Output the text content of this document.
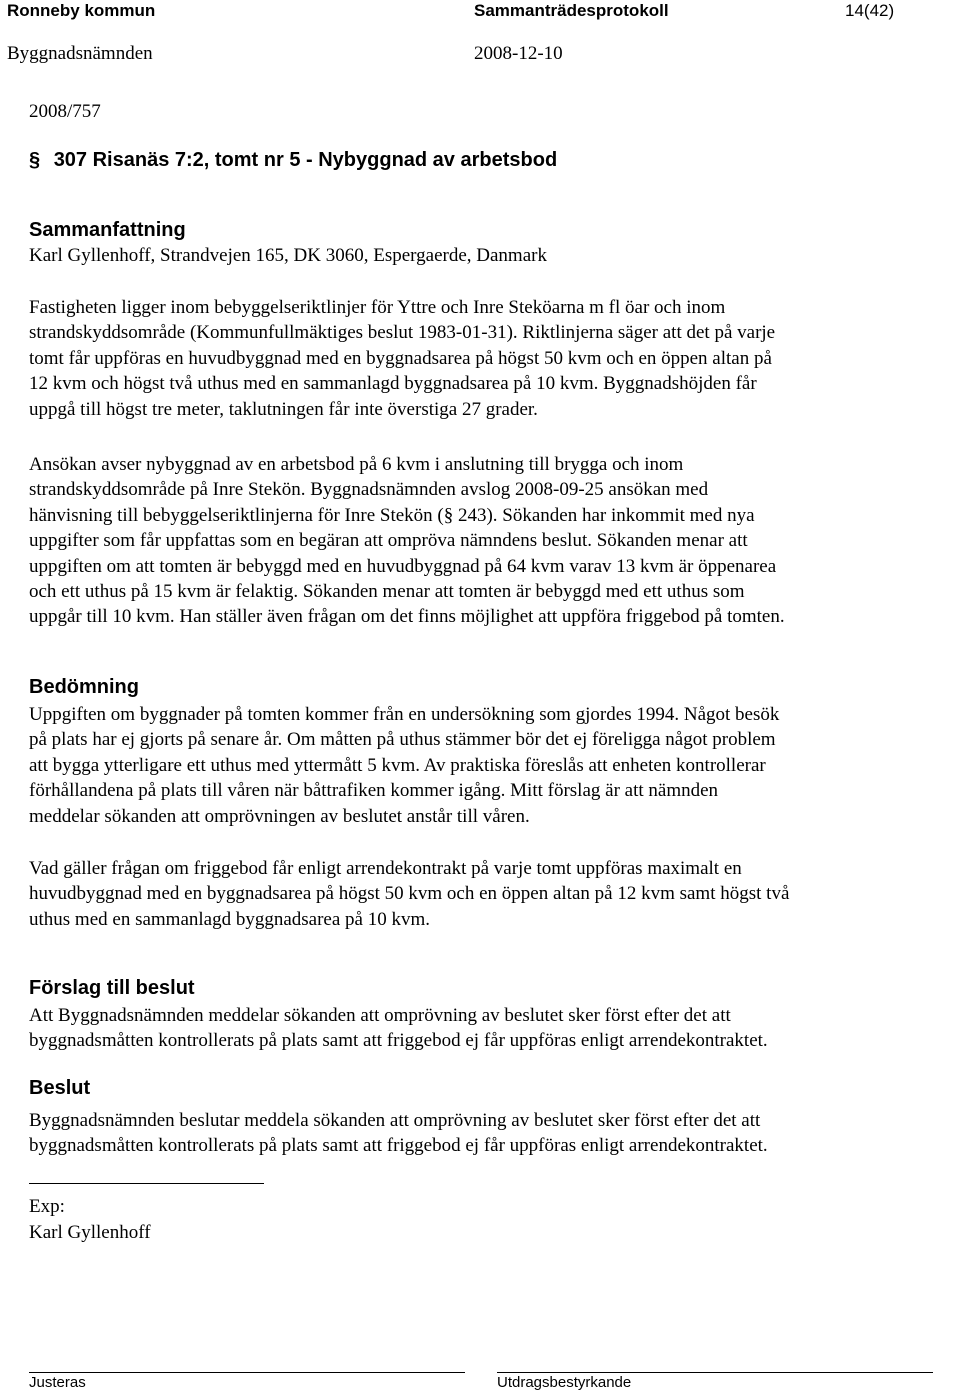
Ronneby kommun	Sammanträdesprotokoll	14(42)
Byggnadsnämnden	2008-12-10
2008/757
§ 307 Risanäs 7:2, tomt nr 5 - Nybyggnad av arbetsbod
Sammanfattning
Karl Gyllenhoff, Strandvejen 165, DK 3060, Espergaerde, Danmark
Fastigheten ligger inom bebyggelseriktlinjer för Yttre och Inre Steköarna m fl öar och inom
strandskyddsområde (Kommunfullmäktiges beslut 1983-01-31). Riktlinjerna säger att det på varje
tomt får uppföras en huvudbyggnad med en byggnadsarea på högst 50 kvm och en öppen altan på
12 kvm och högst två uthus med en sammanlagd byggnadsarea på 10 kvm. Byggnadshöjden får
uppgå till högst tre meter, taklutningen får inte överstiga 27 grader.
Ansökan avser nybyggnad av en arbetsbod på 6 kvm i anslutning till brygga och inom
strandskyddsområde på Inre Stekön. Byggnadsnämnden avslog 2008-09-25 ansökan med
hänvisning till bebyggelseriktlinjerna för Inre Stekön (§ 243). Sökanden har inkommit med nya
uppgifter som får uppfattas som en begäran att ompröva nämndens beslut. Sökanden menar att
uppgiften om att tomten är bebyggd med en huvudbyggnad på 64 kvm varav 13 kvm är öppenarea
och ett uthus på 15 kvm är felaktig. Sökanden menar att tomten är bebyggd med ett uthus som
uppgår till 10 kvm. Han ställer även frågan om det finns möjlighet att uppföra friggebod på tomten.
Bedömning
Uppgiften om byggnader på tomten kommer från en undersökning som gjordes 1994. Något besök
på plats har ej gjorts på senare år. Om måtten på uthus stämmer bör det ej föreligga något problem
att bygga ytterligare ett uthus med yttermått 5 kvm. Av praktiska föreslås att enheten kontrollerar
förhållandena på plats till våren när båttrafiken kommer igång. Mitt förslag är att nämnden
meddelar sökanden att omprövningen av beslutet anstår till våren.
Vad gäller frågan om friggebod får enligt arrendekontrakt på varje tomt uppföras maximalt en
huvudbyggnad med en byggnadsarea på högst 50 kvm och en öppen altan på 12 kvm samt högst två
uthus med en sammanlagd byggnadsarea på 10 kvm.
Förslag till beslut
Att Byggnadsnämnden meddelar sökanden att omprövning av beslutet sker först efter det att
byggnadsmåtten kontrollerats på plats samt att friggebod ej får uppföras enligt arrendekontraktet.
Beslut
Byggnadsnämnden beslutar meddela sökanden att omprövning av beslutet sker först efter det att
byggnadsmåtten kontrollerats på plats samt att friggebod ej får uppföras enligt arrendekontraktet.
Exp:
Karl Gyllenhoff
Justeras	Utdragsbestyrkande
